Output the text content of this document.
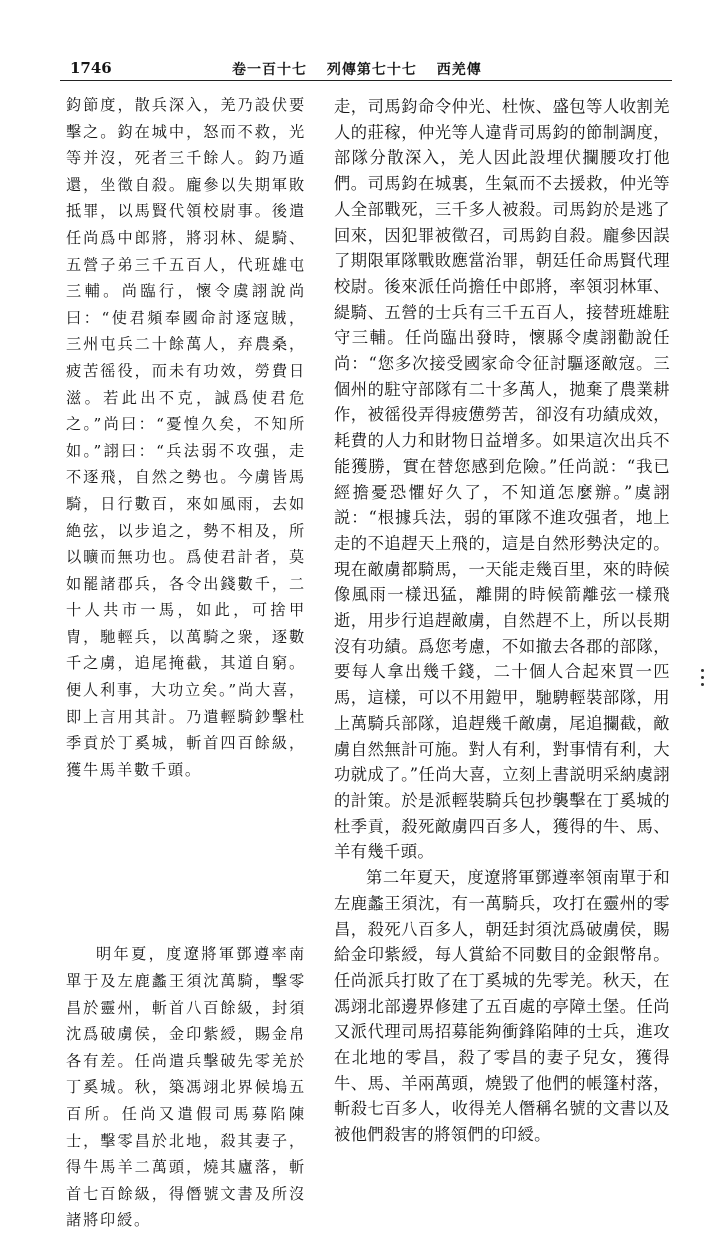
1746	卷一百十七 列傳第七十七 西羌傳

鈞節度，散兵深入，羌乃設伏要擊之。鈞在城中，怒而不救，光等并沒，死者三千餘人。鈞乃遁還，坐徵自殺。龐參以失期軍敗抵罪，以馬賢代領校尉事。後遣任尚爲中郎將，將羽林、緹騎、五營子弟三千五百人，代班雄屯三輔。尚臨行，懷令虞詡說尚曰：“使君頻奉國命討逐寇賊，三州屯兵二十餘萬人，弃農桑，疲苦徭役，而未有功效，勞費日滋。若此出不克，誠爲使君危之。”尚曰：“憂惶久矣，不知所如。”詡曰：“兵法弱不攻强，走不逐飛，自然之勢也。今虜皆馬騎，日行數百，來如風雨，去如絶弦，以步追之，勢不相及，所以曠而無功也。爲使君計者，莫如罷諸郡兵，各令出錢數千，二十人共市一馬，如此，可捨甲冑，馳輕兵，以萬騎之衆，逐數千之虜，追尾掩截，其道自窮。便人利事，大功立矣。”尚大喜，即上言用其計。乃遣輕騎鈔擊杜季貢於丁奚城，斬首四百餘級，獲牛馬羊數千頭。

明年夏，度遼將軍鄧遵率南單于及左鹿蠡王須沈萬騎，擊零昌於靈州，斬首八百餘級，封須沈爲破虜侯，金印紫綬，賜金帛各有差。任尚遣兵擊破先零羌於丁奚城。秋，築馮翊北界候塢五百所。任尚又遣假司馬募陷陳士，擊零昌於北地，殺其妻子，得牛馬羊二萬頭，燒其廬落，斬首七百餘級，得僭號文書及所沒諸將印綬。

走，司馬鈞命令仲光、杜恢、盛包等人收割羌人的莊稼，仲光等人違背司馬鈞的節制調度，部隊分散深入，羌人因此設埋伏攔腰攻打他們。司馬鈞在城裏，生氣而不去援救，仲光等人全部戰死，三千多人被殺。司馬鈞於是逃了回來，因犯罪被徵召，司馬鈞自殺。龐參因誤了期限軍隊戰敗應當治罪，朝廷任命馬賢代理校尉。後來派任尚擔任中郎將，率領羽林軍、緹騎、五營的士兵有三千五百人，接替班雄駐守三輔。任尚臨出發時，懷縣令虞詡勸說任尚：“您多次接受國家命令征討驅逐敵寇。三個州的駐守部隊有二十多萬人，拋棄了農業耕作，被徭役弄得疲憊勞苦，卻沒有功績成效，耗費的人力和財物日益增多。如果這次出兵不能獲勝，實在替您感到危險。”任尚説：“我已經擔憂恐懼好久了，不知道怎麼辦。”虞詡説：“根據兵法，弱的軍隊不進攻强者，地上走的不追趕天上飛的，這是自然形勢決定的。現在敵虜都騎馬，一天能走幾百里，來的時候像風雨一樣迅猛，離開的時候箭離弦一樣飛逝，用步行追趕敵虜，自然趕不上，所以長期沒有功績。爲您考慮，不如撤去各郡的部隊，要每人拿出幾千錢，二十個人合起來買一匹馬，這樣，可以不用鎧甲，馳騁輕裝部隊，用上萬騎兵部隊，追趕幾千敵虜，尾追攔截，敵虜自然無計可施。對人有利，對事情有利，大功就成了。”任尚大喜，立刻上書説明采納虞詡的計策。於是派輕裝騎兵包抄襲擊在丁奚城的杜季貢，殺死敵虜四百多人，獲得的牛、馬、羊有幾千頭。

第二年夏天，度遼將軍鄧遵率領南單于和左鹿蠡王須沈，有一萬騎兵，攻打在靈州的零昌，殺死八百多人，朝廷封須沈爲破虜侯，賜給金印紫綬，每人賞給不同數目的金銀幣帛。任尚派兵打敗了在丁奚城的先零羌。秋天，在馮翊北部邊界修建了五百處的亭障土堡。任尚又派代理司馬招募能夠衝鋒陷陣的士兵，進攻在北地的零昌，殺了零昌的妻子兒女，獲得牛、馬、羊兩萬頭，燒毀了他們的帳篷村落，斬殺七百多人，收得羌人僭稱名號的文書以及被他們殺害的將領們的印綬。
